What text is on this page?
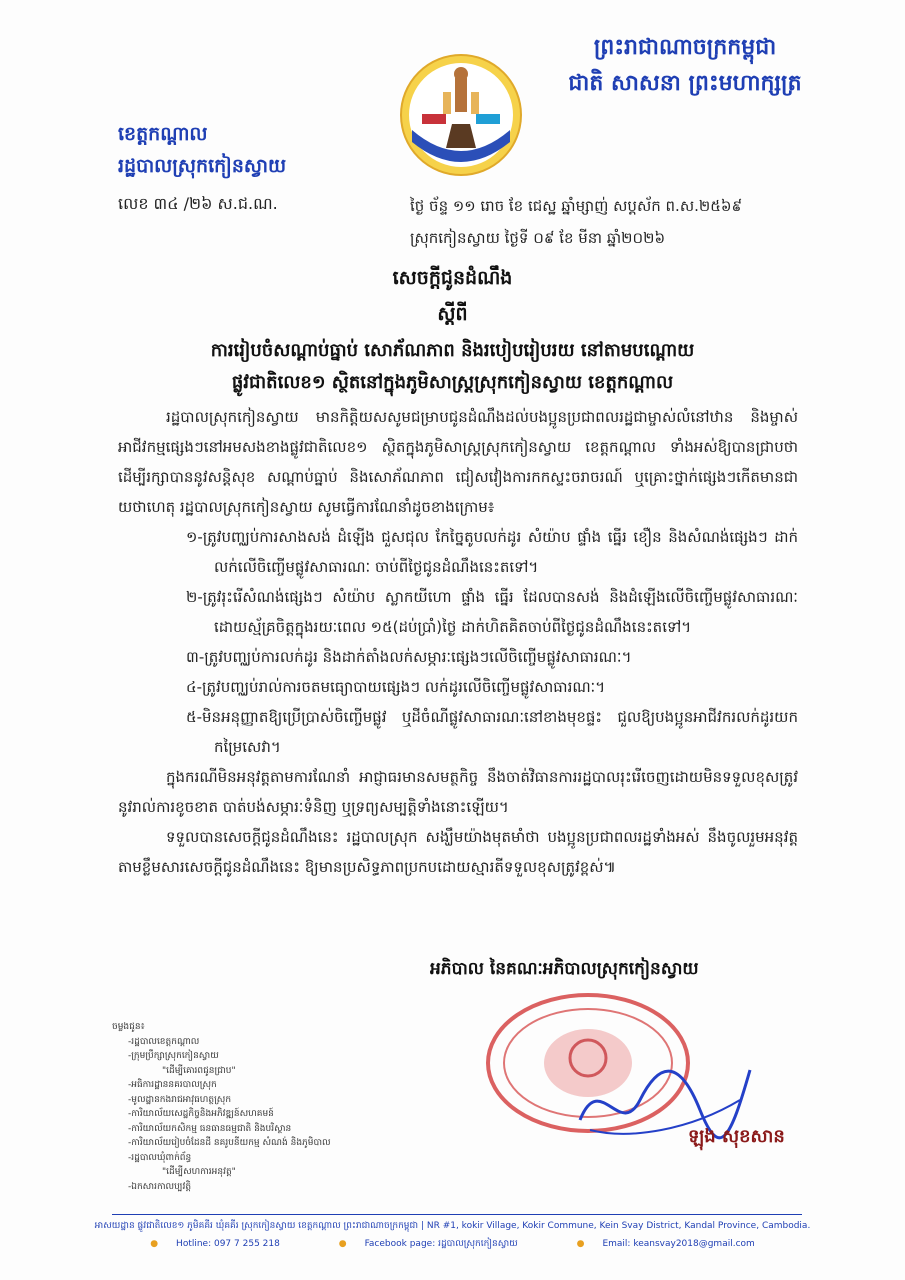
ព្រះរាជាណាចក្រកម្ពុជា
ជាតិ សាសនា ព្រះមហាក្សត្រ
ខេត្តកណ្ដាល
រដ្ឋបាលស្រុកកៀនស្វាយ
លេខ ៣៤ /២៦ ស.ជ.ណ.	ថ្ងៃ ច័ន្ទ ១១ រោច ខែ ជេស្ឋ ឆ្នាំម្សាញ់ សប្តស័ក ព.ស.២៥៦៩
ស្រុកកៀនស្វាយ ថ្ងៃទី ០៩ ខែ មីនា ឆ្នាំ២០២៦
សេចក្ដីជូនដំណឹង
ស្ដីពី
ការរៀបចំសណ្ដាប់ធ្នាប់ សោភ័ណភាព និងរបៀបរៀបរយ នៅតាមបណ្ដោយ
ផ្លូវជាតិលេខ១ ស្ថិតនៅក្នុងភូមិសាស្ត្រស្រុកកៀនស្វាយ ខេត្តកណ្ដាល

រដ្ឋបាលស្រុកកៀនស្វាយ មានកិត្តិយសសូមជម្រាបជូនដំណឹងដល់បងប្អូនប្រជាពលរដ្ឋជាម្ចាស់លំនៅឋាន និងម្ចាស់អាជីវកម្មផ្សេងៗនៅអមសងខាងផ្លូវជាតិលេខ១ ស្ថិតក្នុងភូមិសាស្ត្រស្រុកកៀនស្វាយ ខេត្តកណ្ដាល ទាំងអស់ឱ្យបានជ្រាបថា ដើម្បីរក្សាបាននូវសន្តិសុខ សណ្ដាប់ធ្នាប់ និងសោភ័ណភាព ជៀសវៀងការកកស្ទះចរាចរណ៍ ឬគ្រោះថ្នាក់ផ្សេងៗកើតមានជាយថាហេតុ រដ្ឋបាលស្រុកកៀនស្វាយ សូមធ្វើការណែនាំដូចខាងក្រោម៖

១-ត្រូវបញ្ឈប់ការសាងសង់ ដំឡើង ជួសជុល កែច្នៃតូបលក់ដូរ សំយ៉ាប ផ្ទាំង ធ្នើរ ខឿន និងសំណង់ផ្សេងៗ ដាក់លក់លើចិញ្ចើមផ្លូវសាធារណៈ ចាប់ពីថ្ងៃជូនដំណឹងនេះតទៅ។

២-ត្រូវរុះរើសំណង់ផ្សេងៗ សំយ៉ាប ស្លាកយីហោ ផ្ទាំង ធ្នើរ ដែលបានសង់ និងដំឡើងលើចិញ្ចើមផ្លូវសាធារណៈ ដោយស្ម័គ្រចិត្តក្នុងរយៈពេល ១៥(ដប់ប្រាំ)ថ្ងៃ ដាក់ហិតគិតចាប់ពីថ្ងៃជូនដំណឹងនេះតទៅ។

៣-ត្រូវបញ្ឈប់ការលក់ដូរ និងដាក់តាំងលក់សម្ភារៈផ្សេងៗលើចិញ្ចើមផ្លូវសាធារណៈ។

៤-ត្រូវបញ្ឈប់រាល់ការចតមធ្យោបាយផ្សេងៗ លក់ដូរលើចិញ្ចើមផ្លូវសាធារណៈ។

៥-មិនអនុញ្ញាតឱ្យប្រើប្រាស់ចិញ្ចើមផ្លូវ ឬដីចំណីផ្លូវសាធារណៈនៅខាងមុខផ្ទះ ជួលឱ្យបងប្អូនអាជីវករលក់ដូរយកកម្រៃសេវា។

ក្នុងករណីមិនអនុវត្តតាមការណែនាំ អាជ្ញាធរមានសមត្ថកិច្ច នឹងចាត់វិធានការរដ្ឋបាលរុះរើចេញដោយមិនទទួលខុសត្រូវនូវរាល់ការខូចខាត បាត់បង់សម្ភារៈទំនិញ ឬទ្រព្យសម្បត្តិទាំងនោះឡើយ។

ទទួលបានសេចក្ដីជូនដំណឹងនេះ រដ្ឋបាលស្រុក សង្ឃឹមយ៉ាងមុតមាំថា បងប្អូនប្រជាពលរដ្ឋទាំងអស់ នឹងចូលរួមអនុវត្តតាមខ្លឹមសារសេចក្ដីជូនដំណឹងនេះ ឱ្យមានប្រសិទ្ធភាពប្រកបដោយស្មារតីទទួលខុសត្រូវខ្ពស់៕

អភិបាល នៃគណៈអភិបាលស្រុកកៀនស្វាយ
ឡុង សុខសាន
ចម្លងជូន៖
-រដ្ឋបាលខេត្តកណ្ដាល
-ក្រុមប្រឹក្សាស្រុកកៀនស្វាយ
"ដើម្បីគោរពជូនជ្រាប"
-អធិការដ្ឋាននគរបាលស្រុក
-មូលដ្ឋានកងរាជអាវុធហត្ថស្រុក
-ការិយាល័យសេដ្ឋកិច្ចនិងអភិវឌ្ឍន៍សហគមន៍
-ការិយាល័យកសិកម្ម ធនធានធម្មជាតិ និងបរិស្ថាន
-ការិយាល័យរៀបចំដែនដី នគរូបនីយកម្ម សំណង់ និងភូមិបាល
-រដ្ឋបាលឃុំពាក់ព័ន្ធ
"ដើម្បីសហការអនុវត្ត"
-ឯកសារកាលប្បវត្តិ
អាសយដ្ឋាន ផ្លូវជាតិលេខ១ ភូមិគគីរ ឃុំគគីរ ស្រុកកៀនស្វាយ ខេត្តកណ្តាល ព្រះរាជាណាចក្រកម្ពុជា | NR #1, kokir Village, Kokir Commune, Kein Svay District, Kandal Province, Cambodia.
● Hotline: 097 7 255 218	● Facebook page: រដ្ឋបាលស្រុកកៀនស្វាយ	● Email: keansvay2018@gmail.com
